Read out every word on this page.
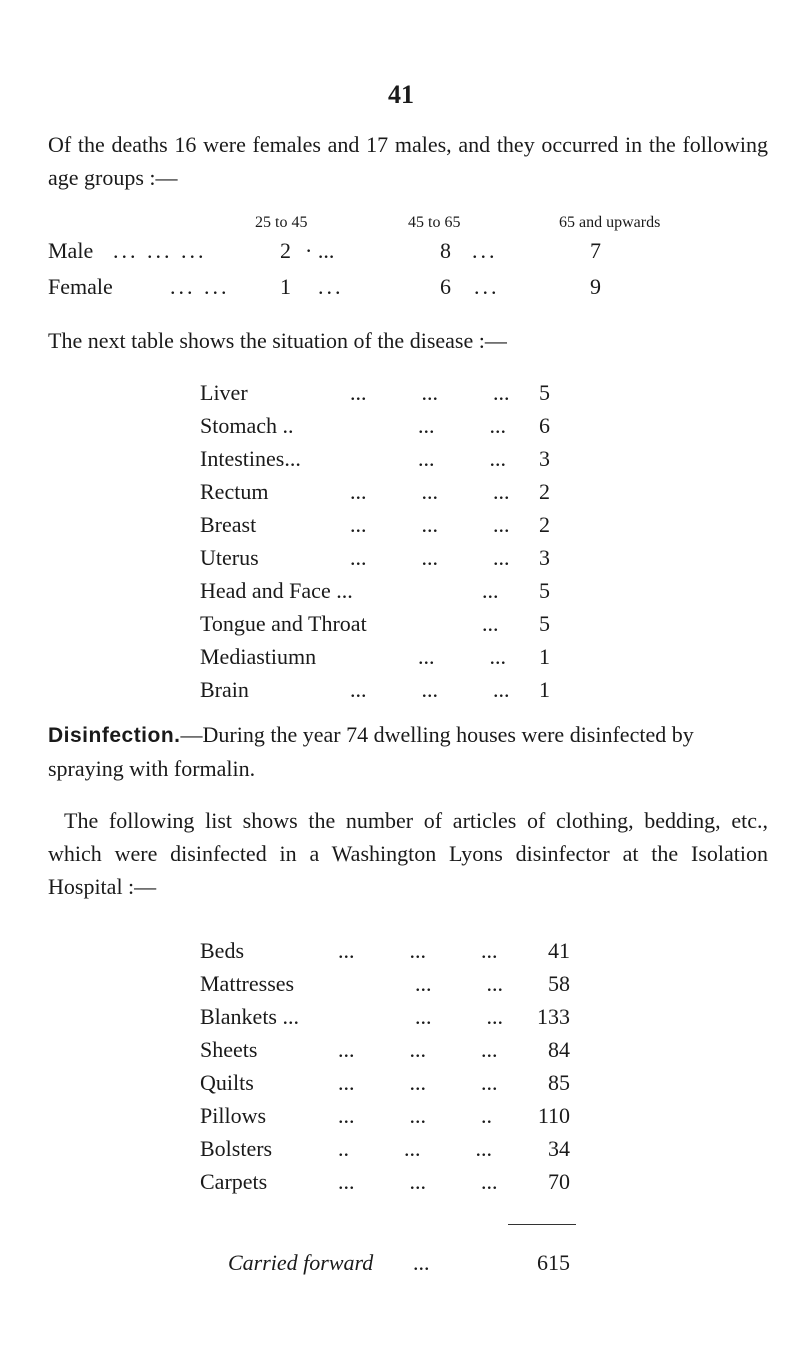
41
Of the deaths 16 were females and 17 males, and they occurred in the following age groups :—
25 to 45	45 to 65	65 and upwards
Male ... ... ...	2 · ...	8 ...	7
Female	... ... 1 ...	6 ...	9
The next table shows the situation of the disease :—
Liver	...          ...          ...	5
Stomach ..	...          ...	6
Intestines...	...          ...	3
Rectum	...          ...          ...	2
Breast	...          ...          ...	2
Uterus	...          ...          ...	3
Head and Face ...	...	5
Tongue and Throat	...	5
Mediastiumn	...          ...	1
Brain	...          ...          ...	1
Disinfection.—During the year 74 dwelling houses were disinfected by spraying with formalin.
The following list shows the number of articles of clothing, bedding, etc., which were disinfected in a Washington Lyons disinfector at the Isolation Hospital :—
Beds	...          ...          ...	41
Mattresses	...          ...	58
Blankets ...	...          ...	133
Sheets	...          ...          ...	84
Quilts	...          ...          ...	85
Pillows	...          ...          ..	110
Bolsters	..          ...          ...	34
Carpets	...          ...          ...	70
Carried forward ...	615
